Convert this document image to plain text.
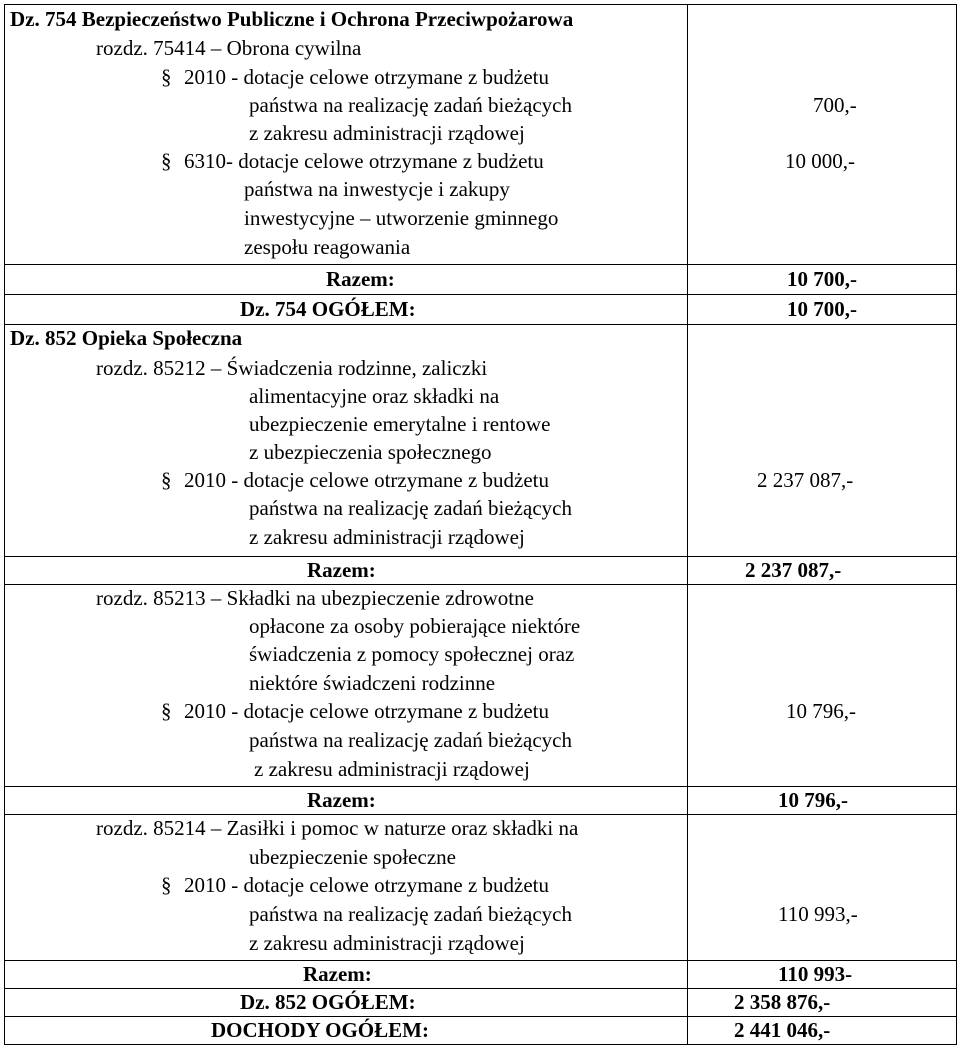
Dz. 754 Bezpieczeństwo Publiczne i Ochrona Przeciwpożarowa
rozdz. 75414 – Obrona cywilna
§ 2010 - dotacje celowe otrzymane z budżetu
państwa na realizację zadań bieżących	700,-
z zakresu administracji rządowej
§ 6310- dotacje celowe otrzymane z budżetu	10 000,-
państwa na inwestycje i zakupy
inwestycyjne – utworzenie gminnego
zespołu reagowania
Razem:	10 700,-
Dz. 754 OGÓŁEM:	10 700,-
Dz. 852 Opieka Społeczna
rozdz. 85212 – Świadczenia rodzinne, zaliczki
alimentacyjne oraz składki na
ubezpieczenie emerytalne i rentowe
z ubezpieczenia społecznego
§ 2010 - dotacje celowe otrzymane z budżetu	2 237 087,-
państwa na realizację zadań bieżących
z zakresu administracji rządowej
Razem:	2 237 087,-
rozdz. 85213 – Składki na ubezpieczenie zdrowotne
opłacone za osoby pobierające niektóre
świadczenia z pomocy społecznej oraz
niektóre świadczeni rodzinne
§ 2010 - dotacje celowe otrzymane z budżetu	10 796,-
państwa na realizację zadań bieżących
z zakresu administracji rządowej
Razem:	10 796,-
rozdz. 85214 – Zasiłki i pomoc w naturze oraz składki na
ubezpieczenie społeczne
§ 2010 - dotacje celowe otrzymane z budżetu
państwa na realizację zadań bieżących	110 993,-
z zakresu administracji rządowej
Razem:	110 993-
Dz. 852 OGÓŁEM:	2 358 876,-
DOCHODY OGÓŁEM:	2 441 046,-
